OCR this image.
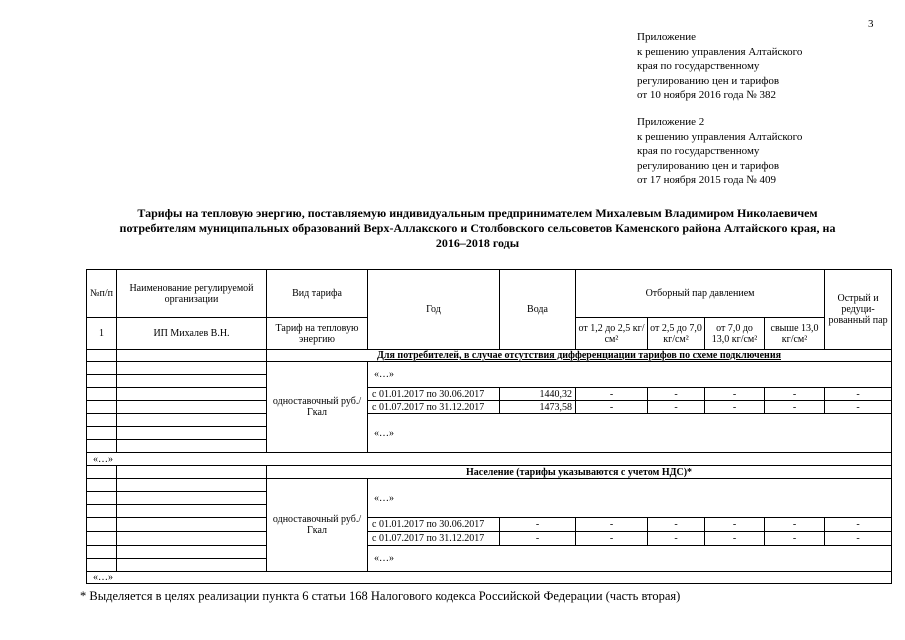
3
Приложение
к решению управления Алтайского
края по государственному
регулированию цен и тарифов
от 10 ноября 2016 года № 382
Приложение 2
к решению управления Алтайского
края по государственному
регулированию цен и тарифов
от 17 ноября 2015 года № 409
Тарифы на тепловую энергию, поставляемую индивидуальным предпринимателем Михалевым Владимиром Николаевичем
потребителям муниципальных образований Верх-Аллакского и Столбовского сельсоветов Каменского района Алтайского края, на
2016–2018 годы
№п/п	Наименование регулируемой организации	Вид тарифа	Год	Вода	Отборный пар давлением				Острый и редуци-рованный пар
1	ИП Михалев В.Н.	Тариф на тепловую энергию			от 1,2 до 2,5 кг/см²	от 2,5 до 7,0 кг/см²	от 7,0 до 13,0 кг/см²	свыше 13,0 кг/см²	
		Для потребителей, в случае отсутствия дифференциации тарифов по схеме подключения							
		одноставочный руб./Гкал	«…»						

			с 01.01.2017 по 30.06.2017	1440,32	-	-	-	-	-
			с 01.07.2017 по 31.12.2017	1473,58	-	-	-	-	-
			«…»						

«…»									
		Население (тарифы указываются с учетом НДС)*							
		одноставочный руб./Гкал	«…»						

			с 01.01.2017 по 30.06.2017	-	-	-	-	-	-
			с 01.07.2017 по 31.12.2017	-	-	-	-	-	-
			«…»						

«…»									
* Выделяется в целях реализации пункта 6 статьи 168 Налогового кодекса Российской Федерации (часть вторая)
